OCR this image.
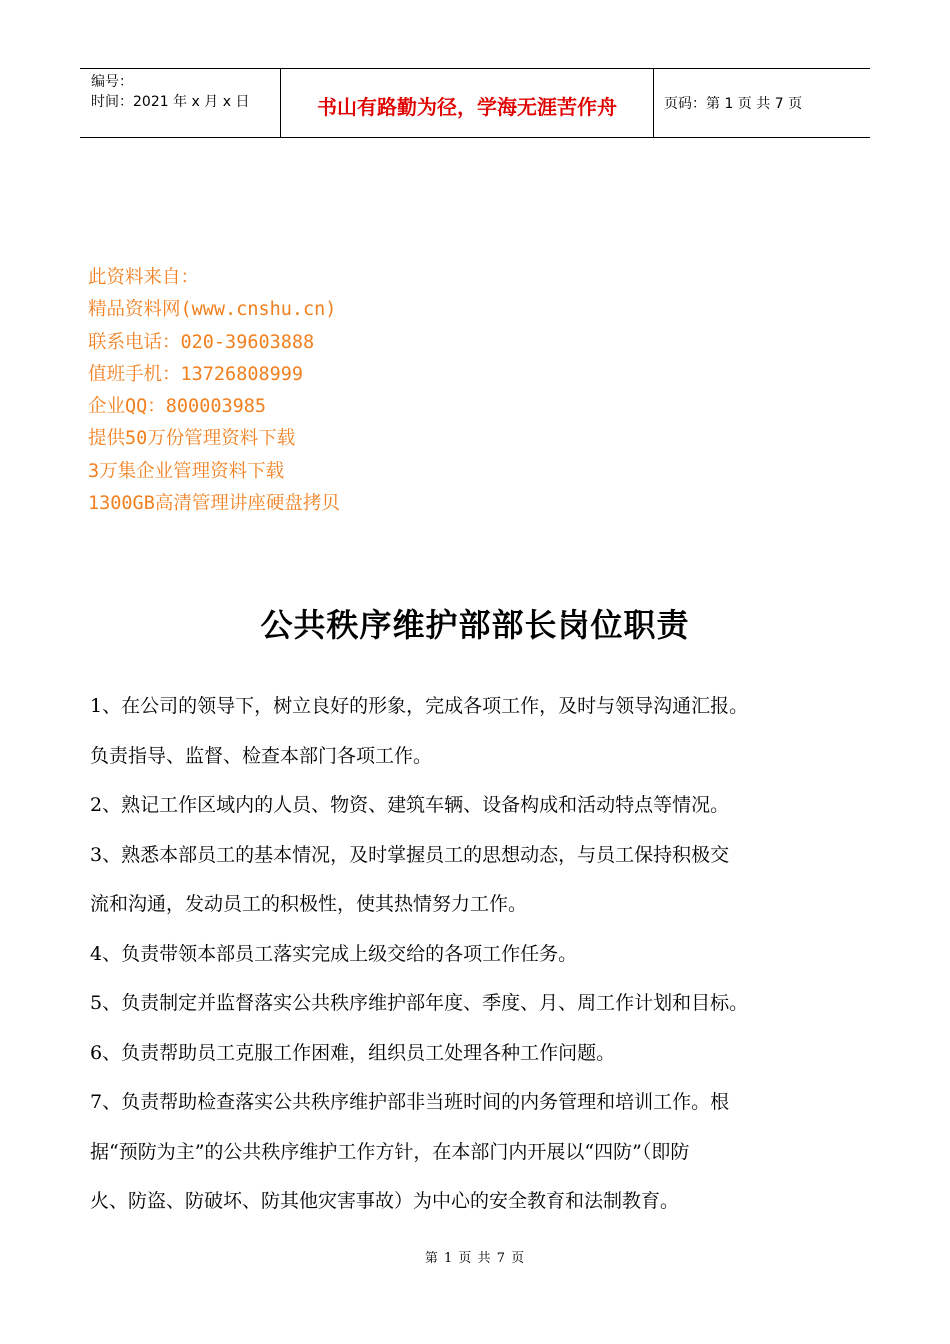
编号：
时间：2021 年 x 月 x 日	书山有路勤为径，学海无涯苦作舟	页码：第 1 页 共 7 页
此资料来自：
精品资料网(www.cnshu.cn)
联系电话：020-39603888
值班手机：13726808999
企业QQ：800003985
提供50万份管理资料下载
3万集企业管理资料下载
1300GB高清管理讲座硬盘拷贝
公共秩序维护部部长岗位职责

1、在公司的领导下，树立良好的形象，完成各项工作，及时与领导沟通汇报。

负责指导、监督、检查本部门各项工作。

2、熟记工作区域内的人员、物资、建筑车辆、设备构成和活动特点等情况。

3、熟悉本部员工的基本情况，及时掌握员工的思想动态，与员工保持积极交

流和沟通，发动员工的积极性，使其热情努力工作。

4、负责带领本部员工落实完成上级交给的各项工作任务。

5、负责制定并监督落实公共秩序维护部年度、季度、月、周工作计划和目标。

6、负责帮助员工克服工作困难，组织员工处理各种工作问题。

7、负责帮助检查落实公共秩序维护部非当班时间的内务管理和培训工作。根

据“预防为主”的公共秩序维护工作方针，在本部门内开展以“四防”（即防

火、防盗、防破坏、防其他灾害事故）为中心的安全教育和法制教育。

第 1 页 共 7 页
